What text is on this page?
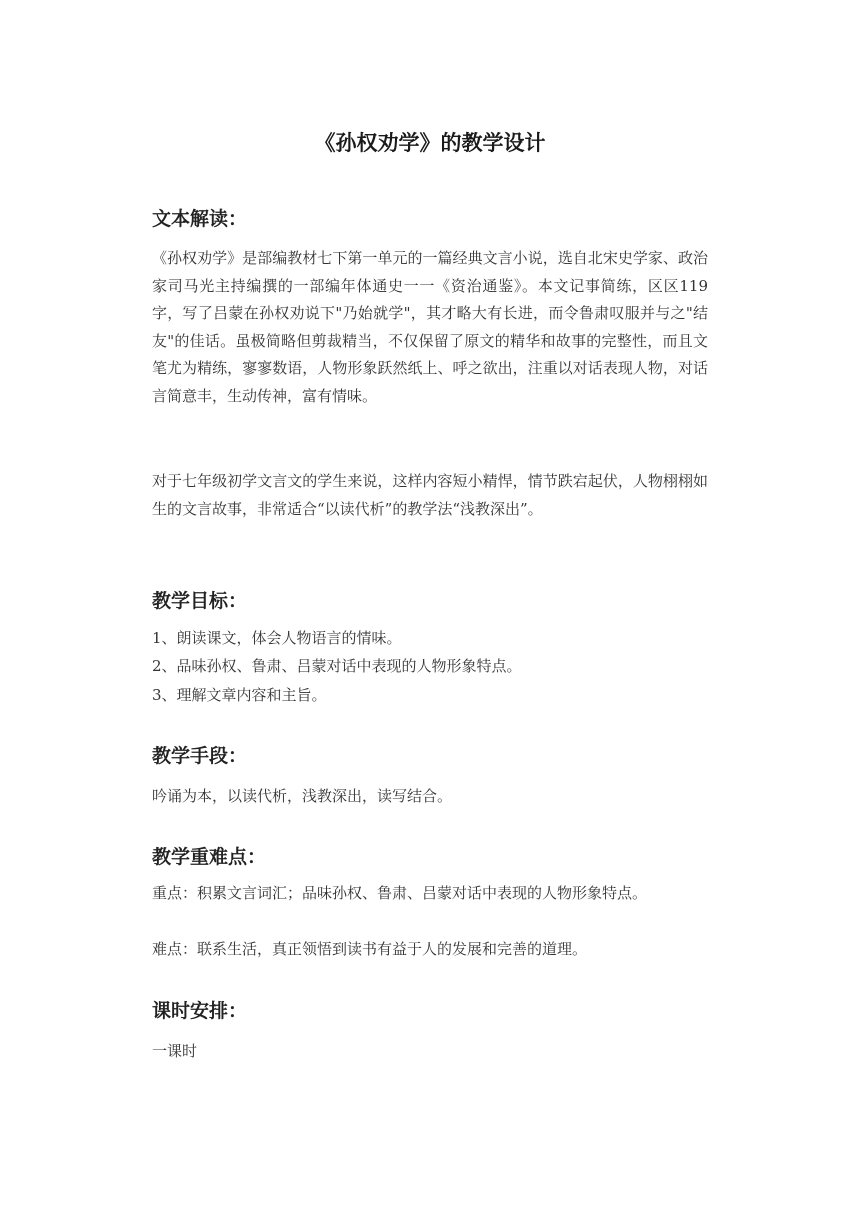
《孙权劝学》的教学设计
文本解读：

《孙权劝学》是部编教材七下第一单元的一篇经典文言小说，选自北宋史学家、政治家司马光主持编撰的一部编年体通史一一《资治通鉴》。本文记事简练，区区119字，写了吕蒙在孙权劝说下"乃始就学"，其才略大有长进，而令鲁肃叹服并与之"结友"的佳话。虽极简略但剪裁精当，不仅保留了原文的精华和故事的完整性，而且文笔尤为精练，寥寥数语，人物形象跃然纸上、呼之欲出，注重以对话表现人物，对话言简意丰，生动传神，富有情味。

对于七年级初学文言文的学生来说，这样内容短小精悍，情节跌宕起伏，人物栩栩如生的文言故事，非常适合“以读代析”的教学法“浅教深出”。

教学目标：

1、朗读课文，体会人物语言的情味。

2、品味孙权、鲁肃、吕蒙对话中表现的人物形象特点。

3、理解文章内容和主旨。

教学手段：

吟诵为本，以读代析，浅教深出，读写结合。

教学重难点：

重点：积累文言词汇；品味孙权、鲁肃、吕蒙对话中表现的人物形象特点。

难点：联系生活，真正领悟到读书有益于人的发展和完善的道理。

课时安排：

一课时
